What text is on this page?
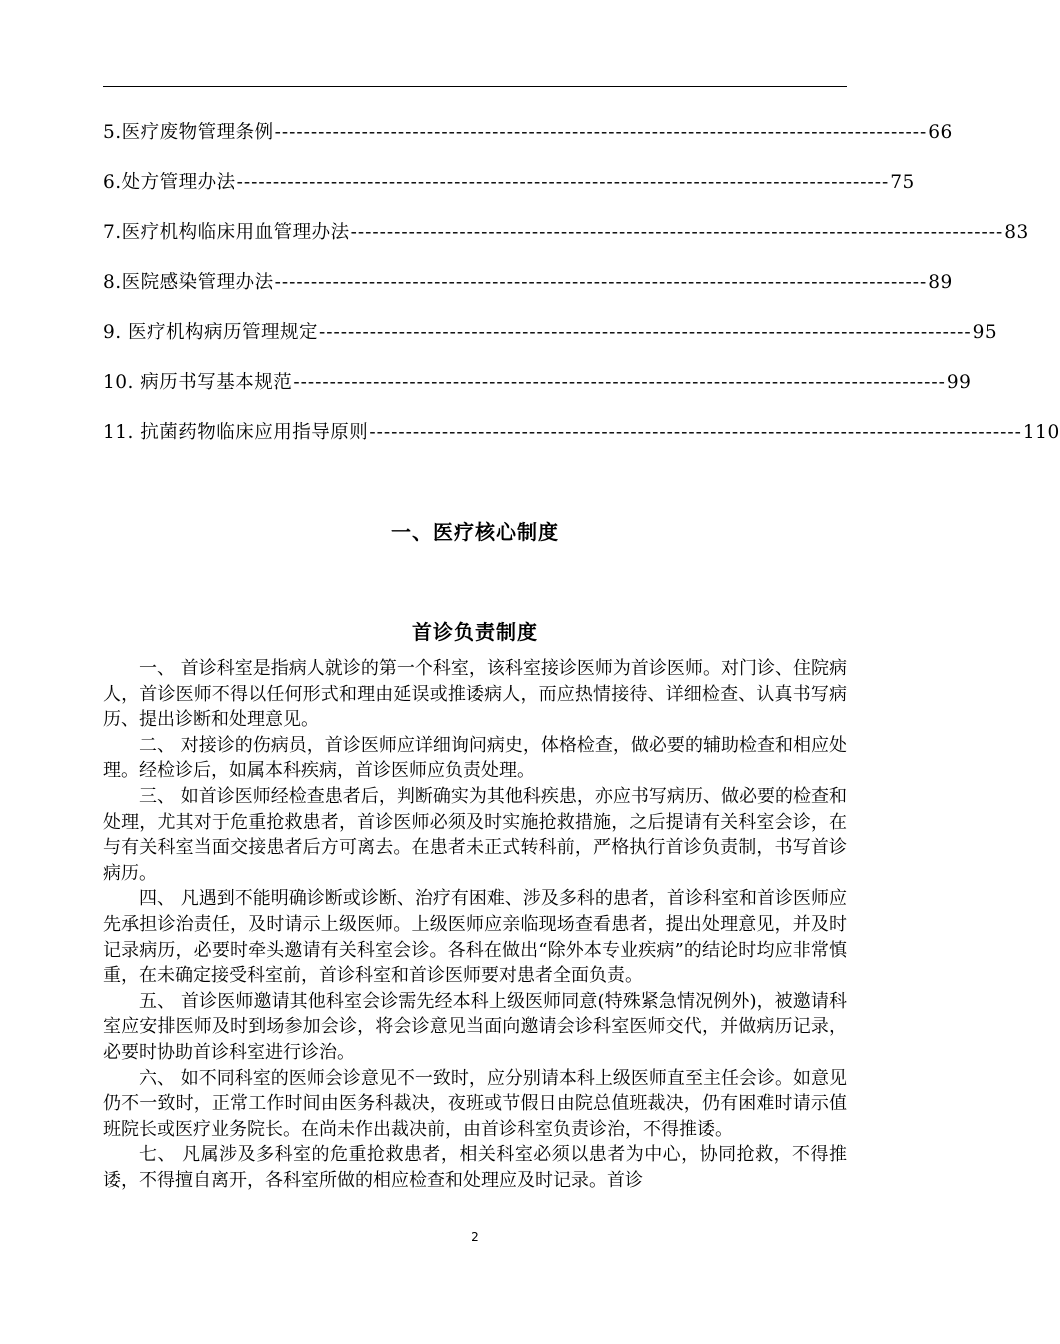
5.医疗废物管理条例 ------------------------------------------------------------------------------------------ 66
6.处方管理办法 ------------------------------------------------------------------------------------------ 75
7.医疗机构临床用血管理办法 ------------------------------------------------------------------------------------------ 83
8.医院感染管理办法 ------------------------------------------------------------------------------------------ 89
9. 医疗机构病历管理规定 ------------------------------------------------------------------------------------------ 95
10. 病历书写基本规范 ------------------------------------------------------------------------------------------ 99
11. 抗菌药物临床应用指导原则 ------------------------------------------------------------------------------------------ 110
一、医疗核心制度
首诊负责制度

一、 首诊科室是指病人就诊的第一个科室，该科室接诊医师为首诊医师。对门诊、住院病人，首诊医师不得以任何形式和理由延误或推诿病人，而应热情接待、详细检查、认真书写病历、提出诊断和处理意见。

二、 对接诊的伤病员，首诊医师应详细询问病史，体格检查，做必要的辅助检查和相应处理。经检诊后，如属本科疾病，首诊医师应负责处理。

三、 如首诊医师经检查患者后，判断确实为其他科疾患，亦应书写病历、做必要的检查和处理，尤其对于危重抢救患者，首诊医师必须及时实施抢救措施，之后提请有关科室会诊，在与有关科室当面交接患者后方可离去。在患者未正式转科前，严格执行首诊负责制，书写首诊病历。

四、 凡遇到不能明确诊断或诊断、治疗有困难、涉及多科的患者，首诊科室和首诊医师应先承担诊治责任，及时请示上级医师。上级医师应亲临现场查看患者，提出处理意见，并及时记录病历，必要时牵头邀请有关科室会诊。各科在做出“除外本专业疾病”的结论时均应非常慎重，在未确定接受科室前，首诊科室和首诊医师要对患者全面负责。

五、 首诊医师邀请其他科室会诊需先经本科上级医师同意(特殊紧急情况例外)，被邀请科室应安排医师及时到场参加会诊，将会诊意见当面向邀请会诊科室医师交代，并做病历记录，必要时协助首诊科室进行诊治。

六、 如不同科室的医师会诊意见不一致时，应分别请本科上级医师直至主任会诊。如意见仍不一致时，正常工作时间由医务科裁决，夜班或节假日由院总值班裁决，仍有困难时请示值班院长或医疗业务院长。在尚未作出裁决前，由首诊科室负责诊治，不得推诿。

七、 凡属涉及多科室的危重抢救患者，相关科室必须以患者为中心，协同抢救，不得推诿，不得擅自离开，各科室所做的相应检查和处理应及时记录。首诊

2
